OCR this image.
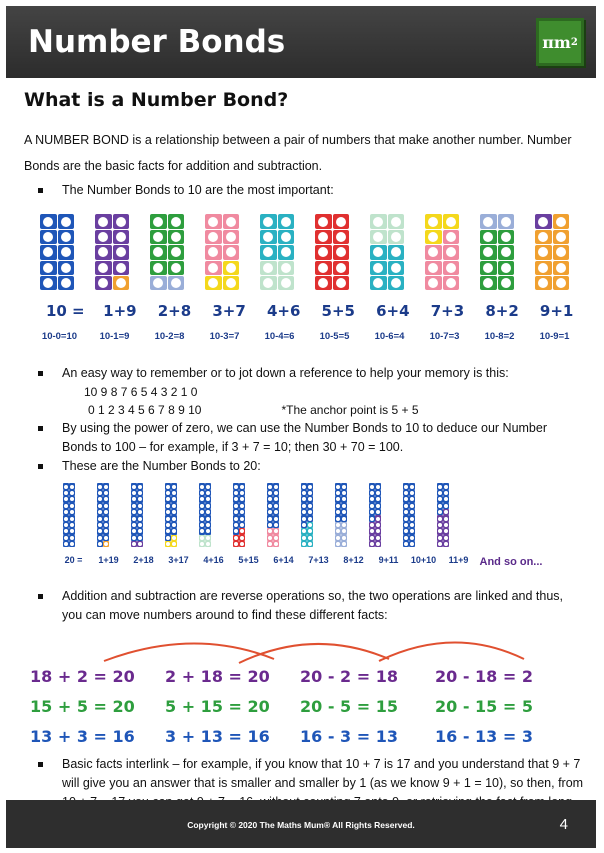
Number Bonds	πm 2
What is a Number Bond?

A NUMBER BOND is a relationship between a pair of numbers that make another number. Number Bonds are the basic facts for addition and subtraction.

The Number Bonds to 10 are the most important:

10 =	1+9	2+8	3+7	4+6	5+5	6+4	7+3	8+2	9+1
10-0=10	10-1=9	10-2=8	10-3=7	10-4=6	10-5=5	10-6=4	10-7=3	10-8=2	10-9=1

An easy way to remember or to jot down a reference to help your memory is this:

10 9 8 7 6 5 4 3 2 1 0
0 1 2 3 4 5 6 7 8 9 10	*The anchor point is 5 + 5

By using the power of zero, we can use the Number Bonds to 10 to deduce our Number Bonds to 100 – for example, if 3 + 7 = 10; then 30 + 70 = 100.

These are the Number Bonds to 20:

20 =	1+19	2+18	3+17	4+16	5+15	6+14	7+13	8+12	9+11	10+10	11+9	And so on...

Addition and subtraction are reverse operations so, the two operations are linked and thus, you can move numbers around to find these different facts:

18 + 2 = 20	2 + 18 = 20	20 - 2 = 18	20 - 18 = 2
15 + 5 = 20	5 + 15 = 20	20 - 5 = 15	20 - 15 = 5
13 + 3 = 16	3 + 13 = 16	16 - 3 = 13	16 - 13 = 3

Basic facts interlink – for example, if you know that 10 + 7 is 17 and you understand that 9 + 7 will give you an answer that is smaller and smaller by 1 (as we know 9 + 1 = 10), so then, from

Copyright © 2020 The Maths Mum® All Rights Reserved.	4
